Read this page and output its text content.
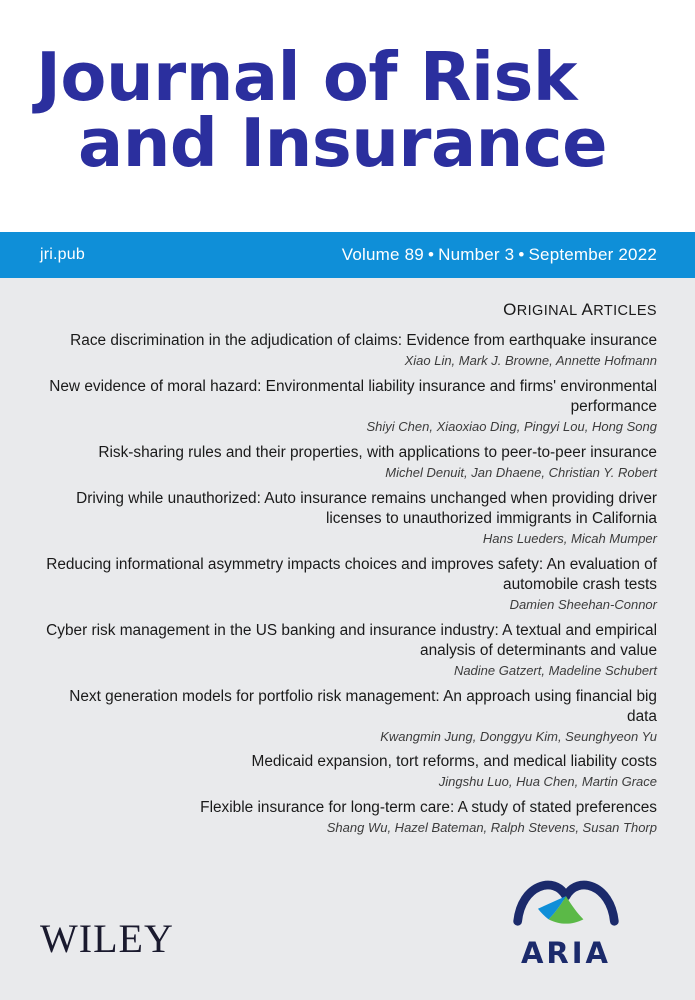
Journal of Risk
and Insurance
jri.pub	Volume 89 • Number 3 • September 2022
ORIGINAL ARTICLES

Race discrimination in the adjudication of claims: Evidence from earthquake insurance

Xiao Lin, Mark J. Browne, Annette Hofmann

New evidence of moral hazard: Environmental liability insurance and firms' environmental performance

Shiyi Chen, Xiaoxiao Ding, Pingyi Lou, Hong Song

Risk-sharing rules and their properties, with applications to peer-to-peer insurance

Michel Denuit, Jan Dhaene, Christian Y. Robert

Driving while unauthorized: Auto insurance remains unchanged when providing driver licenses to unauthorized immigrants in California

Hans Lueders, Micah Mumper

Reducing informational asymmetry impacts choices and improves safety: An evaluation of automobile crash tests

Damien Sheehan-Connor

Cyber risk management in the US banking and insurance industry: A textual and empirical analysis of determinants and value

Nadine Gatzert, Madeline Schubert

Next generation models for portfolio risk management: An approach using financial big data

Kwangmin Jung, Donggyu Kim, Seunghyeon Yu

Medicaid expansion, tort reforms, and medical liability costs

Jingshu Luo, Hua Chen, Martin Grace

Flexible insurance for long-term care: A study of stated preferences

Shang Wu, Hazel Bateman, Ralph Stevens, Susan Thorp

WILEY	ARIA
